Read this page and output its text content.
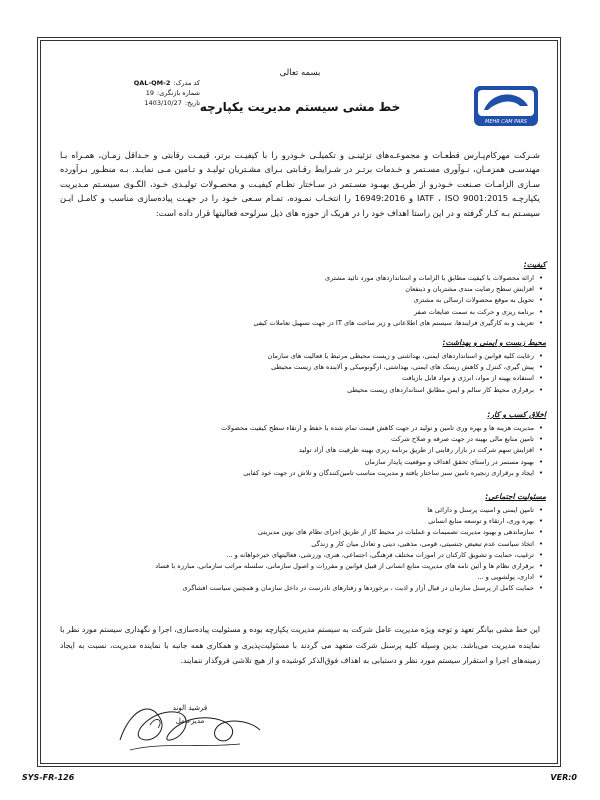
بسمه تعالی
خط مشی سیستم مدیریت یکپارچه
کد مدرک:
QAL-QM-2
شماره بازنگری:
19
تاریخ:
1403/10/27
MEHR CAM PARS
شـرکت مهرکام‌پـارس قطعـات و مجموعـه‌های تزئینـی و تکمیلـی خـودرو را با کیفیـت برتر، قیمـت رقابتی و حـداقل زمـان، همـراه بـا مهندسـی همزمـان، نـوآوری مسـتمر و خـدمات برتـر در شـرایط رقـابتی بـرای مشـتریان تولیـد و تـامین مـی نمایـد. بـه منظـور بـرآورده سـازی الزامـات صـنعت خـودرو از طریـق بهبـود مسـتمر در سـاختار نظـام کیفیـت و محصـولات تولیـدی خـود، الگـوی سیسـتم مـدیریت یکپارچـه IATF ، ISO 9001:2015 و 16949:2016 را انتخـاب نمـوده، تمـام سـعی خـود را در جهـت پیاده‌سازی مناسب و کامـل ایـن سیسـتم بـه کـار گرفته و در این راستا اهداف خود را در هریک از حوزه های ذیل سرلوحه فعالیتها قرار داده است:
کیفیت:
• ارائه محصولات با کیفیت مطابق با الزامات و استانداردهای مورد تائید مشتری
• افزایش سطح رضایت مندی مشتریان و ذینفعان
• تحویل به موقع محصولات ارسالی به مشتری
• برنامه ریزی و حرکت به سمت ضایعات صفر
• تعریف و به کارگیری فرایندها، سیستم های اطلاعاتی و زیر ساخت های IT در جهت تسهیل تعاملات کیفی
محیط زیست و ایمنی و بهداشت:
• رعایت کلیه قوانین و استانداردهای ایمنی، بهداشتی و زیست محیطی مرتبط با فعالیت های سازمان
• پیش گیری، کنترل و کاهش ریسک های ایمنی، بهداشتی، ارگونومیکی و آلاینده های زیست محیطی
• استفاده بهینه از مواد، انرژی و مواد قابل بازیافت
• برقراری محیط کار سالم و ایمن مطابق استانداردهای زیست محیطی
اخلاق کسب و کار:
• مدیریت هزینه ها و بهره وری تامین و تولید در جهت کاهش قیمت تمام شده با حفظ و ارتقاء سطح کیفیت محصولات
• تامین منابع مالی بهینه در جهت صرفه و صلاح شرکت
• افزایش سهم شرکت در بازار رقابتی از طریق برنامه ریزی بهینه ظرفیت های آزاد تولید
• بهبود مستمر در راستای تحقق اهداف و موقعیت پایدار سازمان
• ایجاد و برقراری زنجیره تامین سبز ساختار یافته و مدیریت مناسب تامین‌کنندگان و تلاش در جهت خود کفایی
مسئولیت اجتماعی:
• تامین ایمنی و امنیت پرسنل و دارائی ها
• بهره وری، ارتقاء و توسعه منابع انسانی
• سازماندهی و بهبود مدیریت تصمیمات و عملیات در محیط کار از طریق اجرای نظام های نوین مدیریتی
• اتخاذ سیاست عدم تبعیض جنسیتی، قومی، مذهبی، دینی و تعادل میان کار و زندگی
• ترغیب، حمایت و تشویق کارکنان در امورات مختلف فرهنگی، اجتماعی، هنری، ورزشی، فعالیتهای خیرخواهانه و ...
• برقراری نظام ها و آئین نامه های مدیریت منابع انسانی از قبیل قوانین و مقررات و اصول سازمانی، سلسله مراتب سازمانی، مبارزه با فساد
• اداری، پولشویی و ...
• حمایت کامل از پرسنل سازمان در قبال آزار و اذیت ، برخوردها و رفتارهای نادرست در داخل سازمان و همچنین سیاست افشاگری
این خط مشی بیانگر تعهد و توجه ویژه مدیریت عامل شرکت به سیستم مدیریت یکپارچه بوده و مسئولیت پیاده‌سازی، اجرا و نگهداری سیستم مورد نظر با نماینده مدیریت می‌باشد. بدین وسیله کلیه پرسنل شرکت متعهد می گردند با مسئولیت‌پذیری و همکاری همه جانبه با نماینده مدیریت، نسبت به ایجاد زمینه‌های اجرا و استقرار سیستم مورد نظر و دستیابی به اهداف فوق‌الذکر کوشیده و از هیچ تلاشی فروگذار ننمایند.
فرشید الوند
مدیرعامل
SYS-FR-126	VER:0
